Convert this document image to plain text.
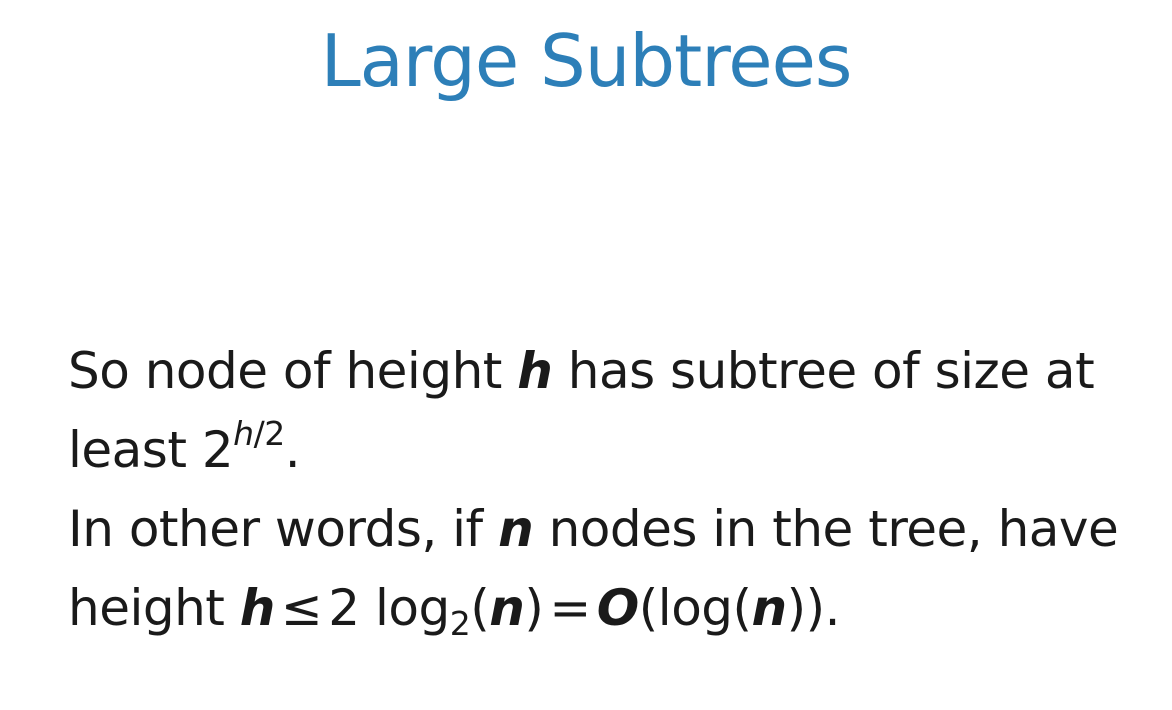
Large Subtrees
So node of height h has subtree of size at
least $2^{h/2}$.
In other words, if n nodes in the tree, have
height h ≤ 2 $\log_2(n) = O(\log(n))$.
